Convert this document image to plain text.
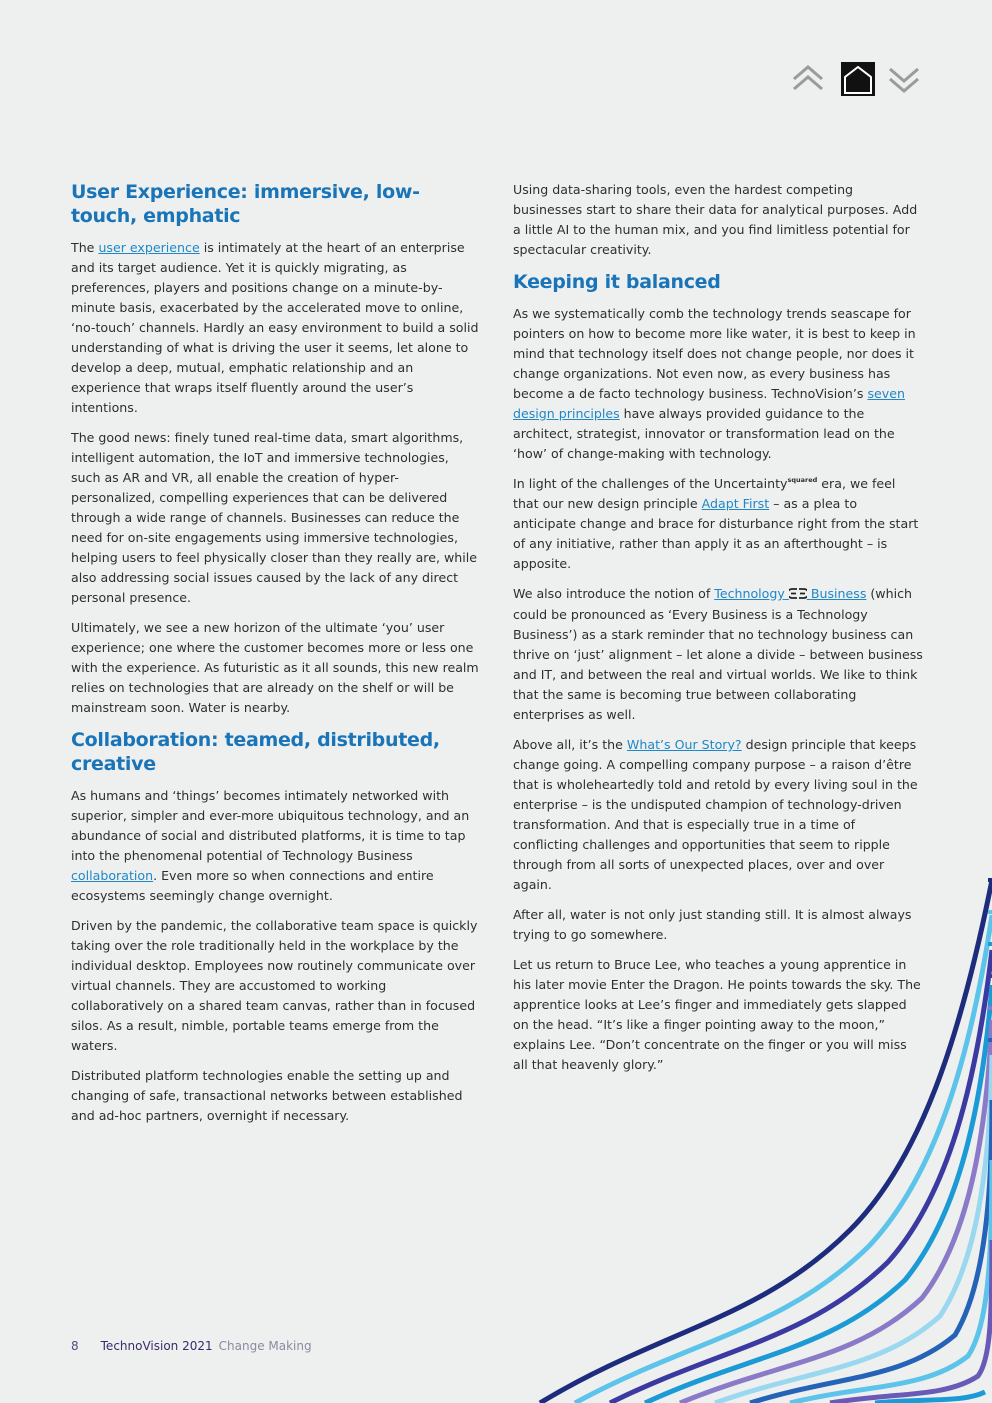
User Experience: immersive, low-touch, emphatic

The user experience is intimately at the heart of an enterprise and its target audience. Yet it is quickly migrating, as preferences, players and positions change on a minute-by-minute basis, exacerbated by the accelerated move to online, ‘no-touch’ channels. Hardly an easy environment to build a solid understanding of what is driving the user it seems, let alone to develop a deep, mutual, emphatic relationship and an experience that wraps itself fluently around the user’s intentions.

The good news: finely tuned real-time data, smart algorithms, intelligent automation, the IoT and immersive technologies, such as AR and VR, all enable the creation of hyper-personalized, compelling experiences that can be delivered through a wide range of channels. Businesses can reduce the need for on-site engagements using immersive technologies, helping users to feel physically closer than they really are, while also addressing social issues caused by the lack of any direct personal presence.

Ultimately, we see a new horizon of the ultimate ‘you’ user experience; one where the customer becomes more or less one with the experience. As futuristic as it all sounds, this new realm relies on technologies that are already on the shelf or will be mainstream soon. Water is nearby.

Collaboration: teamed, distributed, creative

As humans and ‘things’ becomes intimately networked with superior, simpler and ever-more ubiquitous technology, and an abundance of social and distributed platforms, it is time to tap into the phenomenal potential of Technology Business collaboration. Even more so when connections and entire ecosystems seemingly change overnight.

Driven by the pandemic, the collaborative team space is quickly taking over the role traditionally held in the workplace by the individual desktop. Employees now routinely communicate over virtual channels. They are accustomed to working collaboratively on a shared team canvas, rather than in focused silos. As a result, nimble, portable teams emerge from the waters.

Distributed platform technologies enable the setting up and changing of safe, transactional networks between established and ad-hoc partners, overnight if necessary.

Using data-sharing tools, even the hardest competing businesses start to share their data for analytical purposes. Add a little AI to the human mix, and you find limitless potential for spectacular creativity.

Keeping it balanced

As we systematically comb the technology trends seascape for pointers on how to become more like water, it is best to keep in mind that technology itself does not change people, nor does it change organizations. Not even now, as every business has become a de facto technology business. TechnoVision’s seven design principles have always provided guidance to the architect, strategist, innovator or transformation lead on the ‘how’ of change-making with technology.

In light of the challenges of the Uncertainty$^{squared}$ era, we feel that our new design principle Adapt First – as a plea to anticipate change and brace for disturbance right from the start of any initiative, rather than apply it as an afterthought – is apposite.

We also introduce the notion of Technology Business (which could be pronounced as ‘Every Business is a Technology Business’) as a stark reminder that no technology business can thrive on ‘just’ alignment – let alone a divide – between business and IT, and between the real and virtual worlds. We like to think that the same is becoming true between collaborating enterprises as well.

Above all, it’s the What’s Our Story? design principle that keeps change going. A compelling company purpose – a raison d’être that is wholeheartedly told and retold by every living soul in the enterprise – is the undisputed champion of technology-driven transformation. And that is especially true in a time of conflicting challenges and opportunities that seem to ripple through from all sorts of unexpected places, over and over again.

After all, water is not only just standing still. It is almost always trying to go somewhere.

Let us return to Bruce Lee, who teaches a young apprentice in his later movie Enter the Dragon. He points towards the sky. The apprentice looks at Lee’s finger and immediately gets slapped on the head. “It’s like a finger pointing away to the moon,” explains Lee. “Don’t concentrate on the finger or you will miss all that heavenly glory.”

8 TechnoVision 2021 Change Making
